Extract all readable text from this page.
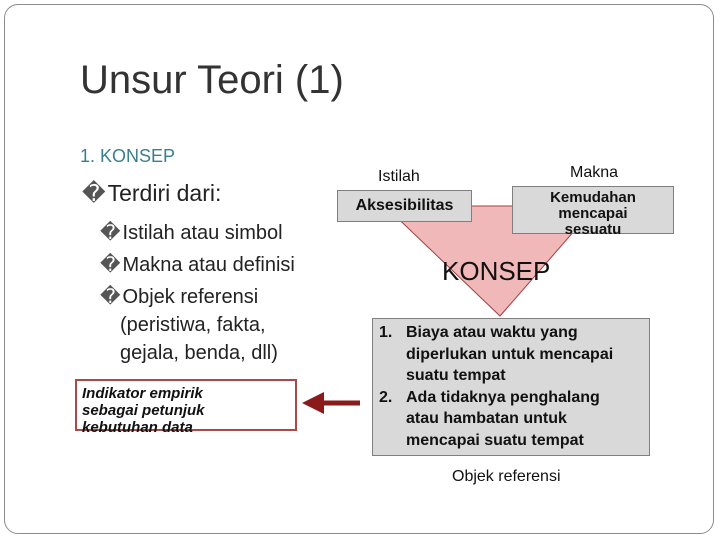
Unsur Teori (1)
1. KONSEP
�Terdiri dari:
� Istilah atau simbol
� Makna atau definisi
� Objek referensi
(peristiwa, fakta,
gejala, benda, dll)
Indikator empirik
sebagai petunjuk
kebutuhan data
Istilah	Makna
Aksesibilitas	Kemudahan
mencapai
sesuatu
KONSEP
1. Biaya atau waktu yang
diperlukan untuk mencapai
suatu tempat
2. Ada tidaknya penghalang
atau hambatan untuk
mencapai suatu tempat
Objek referensi
